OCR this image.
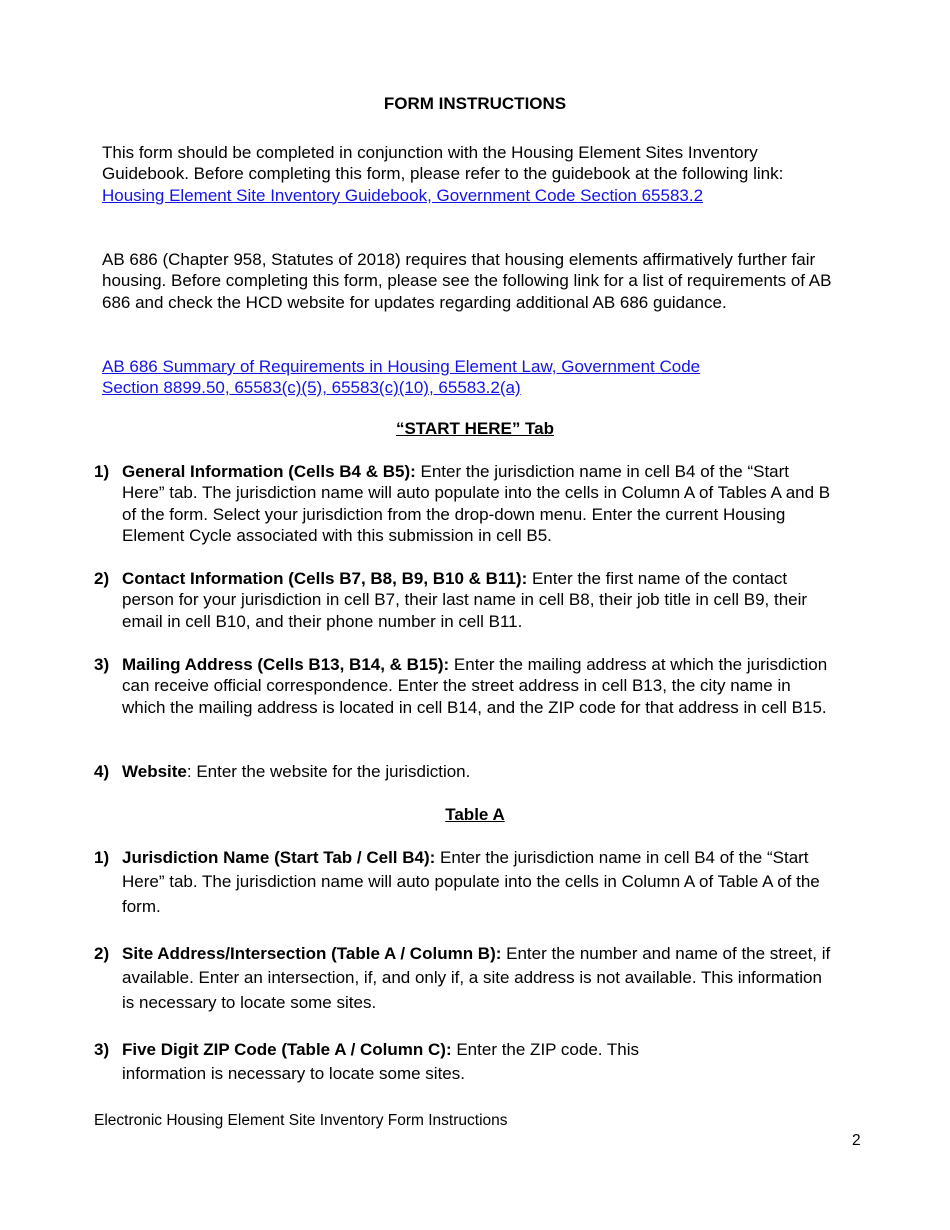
FORM INSTRUCTIONS

This form should be completed in conjunction with the Housing Element Sites Inventory Guidebook. Before completing this form, please refer to the guidebook at the following link:
Housing Element Site Inventory Guidebook, Government Code Section 65583.2

AB 686 (Chapter 958, Statutes of 2018) requires that housing elements affirmatively further fair housing. Before completing this form, please see the following link for a list of requirements of AB 686 and check the HCD website for updates regarding additional AB 686 guidance.

AB 686 Summary of Requirements in Housing Element Law, Government Code
Section 8899.50, 65583(c)(5), 65583(c)(10), 65583.2(a)

“START HERE” Tab
1) General Information (Cells B4 & B5): Enter the jurisdiction name in cell B4 of the “Start Here” tab. The jurisdiction name will auto populate into the cells in Column A of Tables A and B of the form. Select your jurisdiction from the drop-down menu. Enter the current Housing Element Cycle associated with this submission in cell B5.
2) Contact Information (Cells B7, B8, B9, B10 & B11): Enter the first name of the contact person for your jurisdiction in cell B7, their last name in cell B8, their job title in cell B9, their email in cell B10, and their phone number in cell B11.
3) Mailing Address (Cells B13, B14, & B15): Enter the mailing address at which the jurisdiction can receive official correspondence. Enter the street address in cell B13, the city name in which the mailing address is located in cell B14, and the ZIP code for that address in cell B15.
4) Website: Enter the website for the jurisdiction.
Table A
1) Jurisdiction Name (Start Tab / Cell B4): Enter the jurisdiction name in cell B4 of the “Start Here” tab. The jurisdiction name will auto populate into the cells in Column A of Table A of the form.
2) Site Address/Intersection (Table A / Column B): Enter the number and name of the street, if available. Enter an intersection, if, and only if, a site address is not available. This information is necessary to locate some sites.
3) Five Digit ZIP Code (Table A / Column C): Enter the ZIP code. This information is necessary to locate some sites.
Electronic Housing Element Site Inventory Form Instructions
2
